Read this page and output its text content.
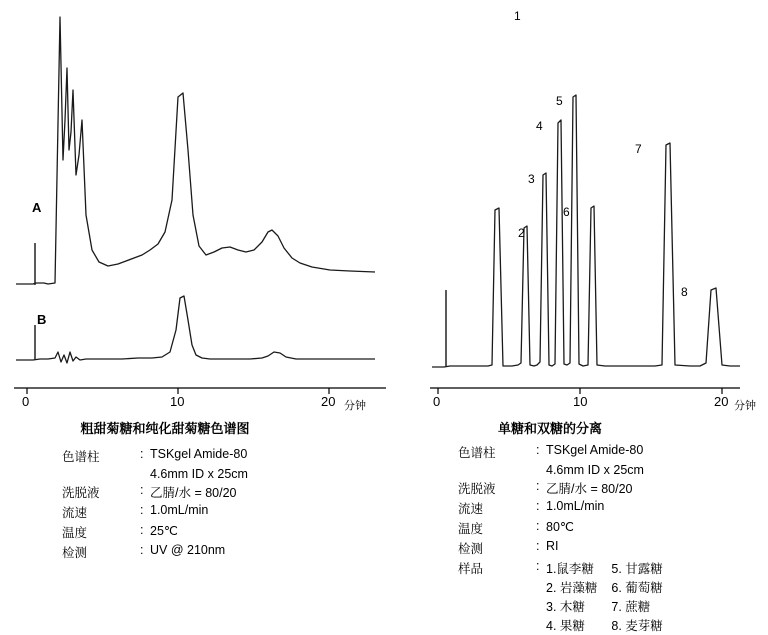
A
B
0	10	20 分钟
粗甜菊糖和纯化甜菊糖色谱图
色谱柱	:	TSKgel Amide-80
		4.6mm ID x 25cm
洗脱液	:	乙腈/水 = 80/20
流速	:	1.0mL/min
温度	:	25℃
检测	:	UV @ 210nm
1
2
3
4
5
6
7
8
0	10	20 分钟
单糖和双糖的分离
色谱柱	:	TSKgel Amide-80
		4.6mm ID x 25cm
洗脱液	:	乙腈/水 = 80/20
流速	:	1.0mL/min
温度	:	80℃
检测	:	RI
样品	:	1.鼠李糖 5. 甘露糖
2. 岩藻糖 6. 葡萄糖
3. 木糖	7. 蔗糖
4. 果糖	8. 麦芽糖
